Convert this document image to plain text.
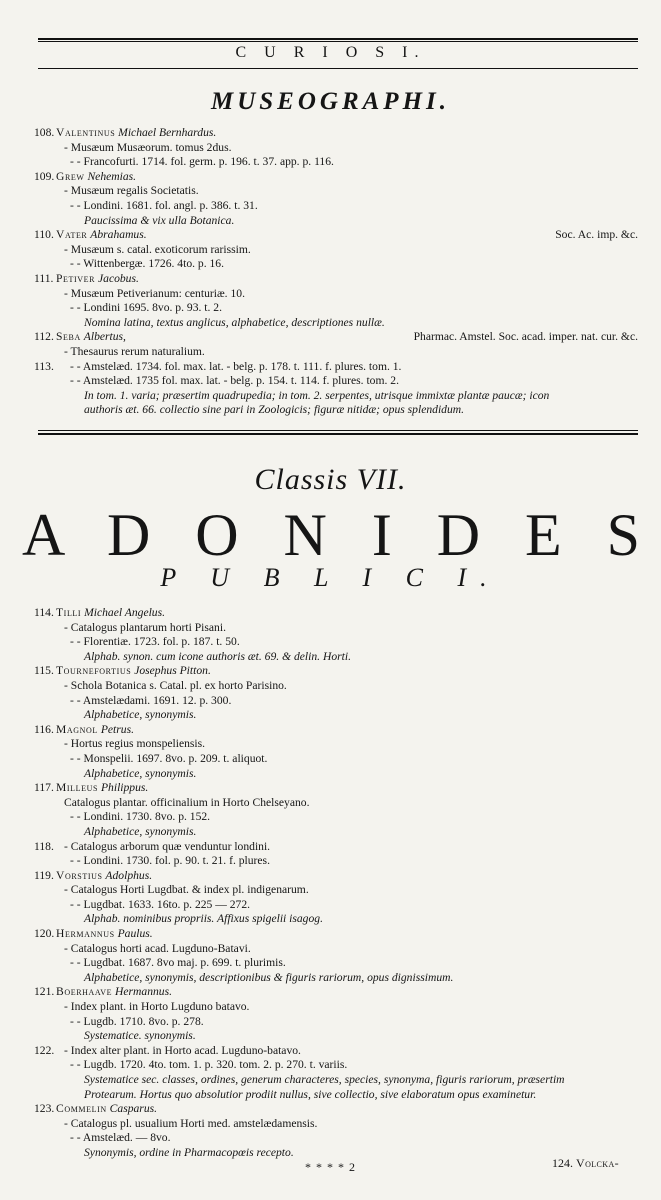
C U R I O S I.
MUSEOGRAPHI.
108. Valentinus Michael Bernhardus.
- Musæum Musæorum. tomus 2dus.
- - Francofurti. 1714. fol. germ. p. 196. t. 37. app. p. 116.
109. Grew Nehemias.
- Musæum regalis Societatis.
- - Londini. 1681. fol. angl. p. 386. t. 31.
Paucissima & vix ulla Botanica.
110. Vater Abrahamus.	Soc. Ac. imp. &c.
- Musæum s. catal. exoticorum rarissim.
- - Wittenbergæ. 1726. 4to. p. 16.
111. Petiver Jacobus.
- Musæum Petiverianum: centuriæ. 10.
- - Londini 1695. 8vo. p. 93. t. 2.
Nomina latina, textus anglicus, alphabetice, descriptiones nullæ.
112. Seba Albertus,	Pharmac. Amstel. Soc. acad. imper. nat. cur. &c.
- Thesaurus rerum naturalium.
113. - - Amstelæd. 1734. fol. max. lat. - belg. p. 178. t. 111. f. plures. tom. 1.
- - Amstelæd. 1735 fol. max. lat. - belg. p. 154. t. 114. f. plures. tom. 2.
In tom. 1. varia; præsertim quadrupedia; in tom. 2. serpentes, utrisque immixtæ plantæ paucæ; icon
authoris æt. 66. collectio sine pari in Zoologicis; figuræ nitidæ; opus splendidum.
Classis VII.
A D O N I D E S
P U B L I C I.
114. Tilli Michael Angelus.
- Catalogus plantarum horti Pisani.
- - Florentiæ. 1723. fol. p. 187. t. 50.
Alphab. synon. cum icone authoris æt. 69. & delin. Horti.
115. Tournefortius Josephus Pitton.
- Schola Botanica s. Catal. pl. ex horto Parisino.
- - Amstelædami. 1691. 12. p. 300.
Alphabetice, synonymis.
116. Magnol Petrus.
- Hortus regius monspeliensis.
- - Monspelii. 1697. 8vo. p. 209. t. aliquot.
Alphabetice, synonymis.
117. Milleus Philippus.
Catalogus plantar. officinalium in Horto Chelseyano.
- - Londini. 1730. 8vo. p. 152.
Alphabetice, synonymis.
118. - Catalogus arborum quæ venduntur londini.
- - Londini. 1730. fol. p. 90. t. 21. f. plures.
119. Vorstius Adolphus.
- Catalogus Horti Lugdbat. & index pl. indigenarum.
- - Lugdbat. 1633. 16to. p. 225 — 272.
Alphab. nominibus propriis. Affixus spigelii isagog.
120. Hermannus Paulus.
- Catalogus horti acad. Lugduno-Batavi.
- - Lugdbat. 1687. 8vo maj. p. 699. t. plurimis.
Alphabetice, synonymis, descriptionibus & figuris rariorum, opus dignissimum.
121. Boerhaave Hermannus.
- Index plant. in Horto Lugduno batavo.
- - Lugdb. 1710. 8vo. p. 278.
Systematice. synonymis.
122. - Index alter plant. in Horto acad. Lugduno-batavo.
- - Lugdb. 1720. 4to. tom. 1. p. 320. tom. 2. p. 270. t. variis.
Systematice sec. classes, ordines, generum characteres, species, synonyma, figuris rariorum, præsertim
Protearum. Hortus quo absolutior prodiit nullus, sive collectio, sive elaboratum opus examinetur.
123. Commelin Casparus.
- Catalogus pl. usualium Horti med. amstelædamensis.
- - Amstelæd. — 8vo.
Synonymis, ordine in Pharmacopœis recepto.
* * * * 2	124. Volcka-
